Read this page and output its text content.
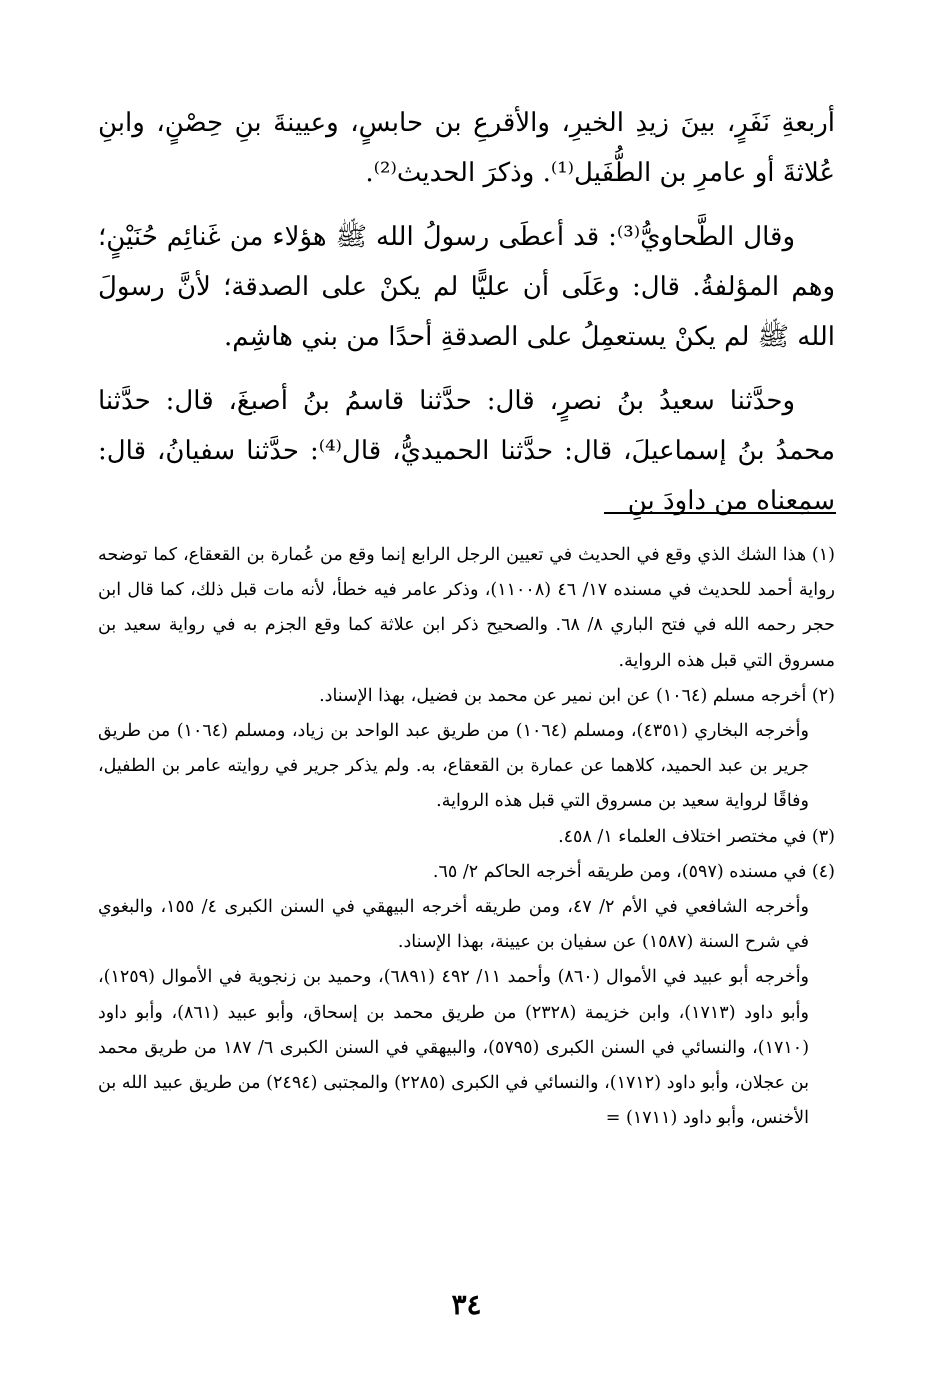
أربعةِ نَفَرٍ، بينَ زيدِ الخيرِ، والأقرعِ بن حابسٍ، وعيينةَ بنِ حِصْنٍ، وابنِ عُلاثةَ أو عامرِ بن الطُّفَيل⁽¹⁾. وذكرَ الحديث⁽²⁾.

وقال الطَّحاويُّ⁽³⁾: قد أعطَى رسولُ الله ﷺ هؤلاء من غَنائِم حُنَيْنٍ؛ وهم المؤلفةُ. قال: وعَلَى أن عليًّا لم يكنْ على الصدقة؛ لأنَّ رسولَ الله ﷺ لم يكنْ يستعمِلُ على الصدقةِ أحدًا من بني هاشِم.

وحدَّثنا سعيدُ بنُ نصرٍ، قال: حدَّثنا قاسمُ بنُ أصبغَ، قال: حدَّثنا محمدُ بنُ إسماعيلَ، قال: حدَّثنا الحميديُّ، قال⁽⁴⁾: حدَّثنا سفيانُ، قال: سمِعناه من داودَ بنِ

(١) هذا الشك الذي وقع في الحديث في تعيين الرجل الرابع إنما وقع من عُمارة بن القعقاع، كما توضحه رواية أحمد للحديث في مسنده ١٧/ ٤٦ (١١٠٠٨)، وذكر عامر فيه خطأ، لأنه مات قبل ذلك، كما قال ابن حجر رحمه الله في فتح الباري ٨/ ٦٨. والصحيح ذكر ابن علاثة كما وقع الجزم به في رواية سعيد بن مسروق التي قبل هذه الرواية.

(٢) أخرجه مسلم (١٠٦٤) عن ابن نمير عن محمد بن فضيل، بهذا الإسناد.

وأخرجه البخاري (٤٣٥١)، ومسلم (١٠٦٤) من طريق عبد الواحد بن زياد، ومسلم (١٠٦٤) من طريق جرير بن عبد الحميد، كلاهما عن عمارة بن القعقاع، به. ولم يذكر جرير في روايته عامر بن الطفيل، وفاقًا لرواية سعيد بن مسروق التي قبل هذه الرواية.

(٣) في مختصر اختلاف العلماء ١/ ٤٥٨.

(٤) في مسنده (٥٩٧)، ومن طريقه أخرجه الحاكم ٢/ ٦٥.

وأخرجه الشافعي في الأم ٢/ ٤٧، ومن طريقه أخرجه البيهقي في السنن الكبرى ٤/ ١٥٥، والبغوي في شرح السنة (١٥٨٧) عن سفيان بن عيينة، بهذا الإسناد.

وأخرجه أبو عبيد في الأموال (٨٦٠) وأحمد ١١/ ٤٩٢ (٦٨٩١)، وحميد بن زنجوية في الأموال (١٢٥٩)، وأبو داود (١٧١٣)، وابن خزيمة (٢٣٢٨) من طريق محمد بن إسحاق، وأبو عبيد (٨٦١)، وأبو داود (١٧١٠)، والنسائي في السنن الكبرى (٥٧٩٥)، والبيهقي في السنن الكبرى ٦/ ١٨٧ من طريق محمد بن عجلان، وأبو داود (١٧١٢)، والنسائي في الكبرى (٢٢٨٥) والمجتبى (٢٤٩٤) من طريق عبيد الله بن الأخنس، وأبو داود (١٧١١) =

٣٤
